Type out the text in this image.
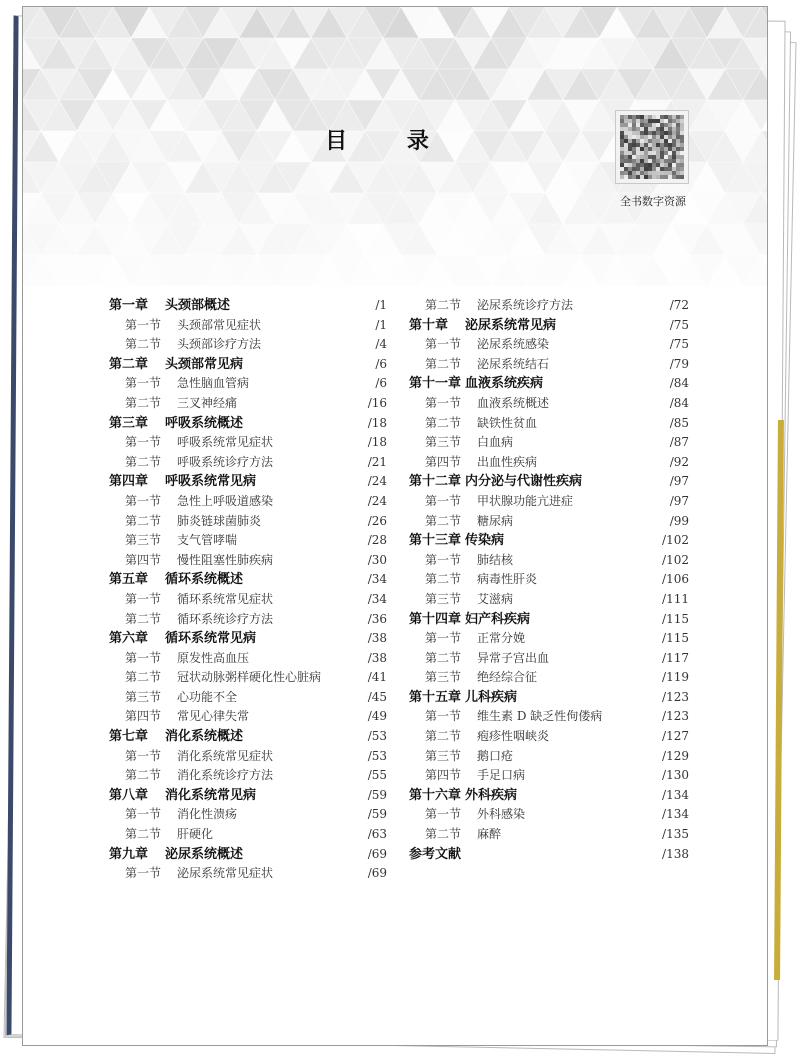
全书数字资源
第一章 头颈部概述	/1
第一节 头颈部常见症状	/1
第二节 头颈部诊疗方法	/4
第二章 头颈部常见病	/6
第一节 急性脑血管病	/6
第二节 三叉神经痛	/16
第三章 呼吸系统概述	/18
第一节 呼吸系统常见症状	/18
第二节 呼吸系统诊疗方法	/21
第四章 呼吸系统常见病	/24
第一节 急性上呼吸道感染	/24
第二节 肺炎链球菌肺炎	/26
第三节 支气管哮喘	/28
第四节 慢性阻塞性肺疾病	/30
第五章 循环系统概述	/34
第一节 循环系统常见症状	/34
第二节 循环系统诊疗方法	/36
第六章 循环系统常见病	/38
第一节 原发性高血压	/38
第二节 冠状动脉粥样硬化性心脏病	/41
第三节 心功能不全	/45
第四节 常见心律失常	/49
第七章 消化系统概述	/53
第一节 消化系统常见症状	/53
第二节 消化系统诊疗方法	/55
第八章 消化系统常见病	/59
第一节 消化性溃疡	/59
第二节 肝硬化	/63
第九章 泌尿系统概述	/69
第一节 泌尿系统常见症状	/69
第二节 泌尿系统诊疗方法	/72
第十章 泌尿系统常见病	/75
第一节 泌尿系统感染	/75
第二节 泌尿系统结石	/79
第十一章 血液系统疾病	/84
第一节 血液系统概述	/84
第二节 缺铁性贫血	/85
第三节 白血病	/87
第四节 出血性疾病	/92
第十二章 内分泌与代谢性疾病	/97
第一节 甲状腺功能亢进症	/97
第二节 糖尿病	/99
第十三章 传染病	/102
第一节 肺结核	/102
第二节 病毒性肝炎	/106
第三节 艾滋病	/111
第十四章 妇产科疾病	/115
第一节 正常分娩	/115
第二节 异常子宫出血	/117
第三节 绝经综合征	/119
第十五章 儿科疾病	/123
第一节 维生素 D 缺乏性佝偻病	/123
第二节 疱疹性咽峡炎	/127
第三节 鹅口疮	/129
第四节 手足口病	/130
第十六章 外科疾病	/134
第一节 外科感染	/134
第二节 麻醉	/135
参考文献	/138
目 录
